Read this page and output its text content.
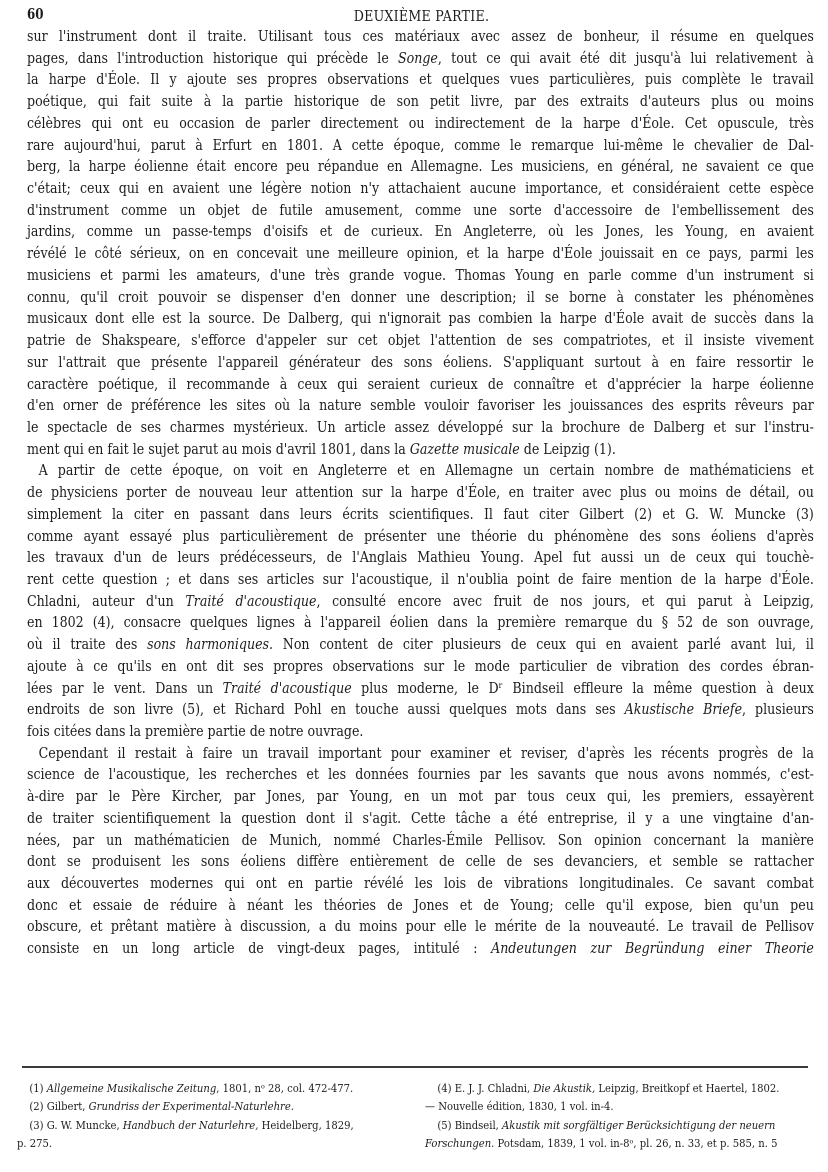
60	DEUXIÈME PARTIE.
sur l'instrument dont il traite. Utilisant tous ces matériaux avec assez de bonheur, il résume en quelques
pages, dans l'introduction historique qui précède le Songe, tout ce qui avait été dit jusqu'à lui relativement à
la harpe d'Éole. Il y ajoute ses propres observations et quelques vues particulières, puis complète le travail
poétique, qui fait suite à la partie historique de son petit livre, par des extraits d'auteurs plus ou moins
célèbres qui ont eu occasion de parler directement ou indirectement de la harpe d'Éole. Cet opuscule, très
rare aujourd'hui, parut à Erfurt en 1801. A cette époque, comme le remarque lui-même le chevalier de Dal-
berg, la harpe éolienne était encore peu répandue en Allemagne. Les musiciens, en général, ne savaient ce que
c'était; ceux qui en avaient une légère notion n'y attachaient aucune importance, et considéraient cette espèce
d'instrument comme un objet de futile amusement, comme une sorte d'accessoire de l'embellissement des
jardins, comme un passe-temps d'oisifs et de curieux. En Angleterre, où les Jones, les Young, en avaient
révélé le côté sérieux, on en concevait une meilleure opinion, et la harpe d'Éole jouissait en ce pays, parmi les
musiciens et parmi les amateurs, d'une très grande vogue. Thomas Young en parle comme d'un instrument si
connu, qu'il croit pouvoir se dispenser d'en donner une description; il se borne à constater les phénomènes
musicaux dont elle est la source. De Dalberg, qui n'ignorait pas combien la harpe d'Éole avait de succès dans la
patrie de Shakspeare, s'efforce d'appeler sur cet objet l'attention de ses compatriotes, et il insiste vivement
sur l'attrait que présente l'appareil générateur des sons éoliens. S'appliquant surtout à en faire ressortir le
caractère poétique, il recommande à ceux qui seraient curieux de connaître et d'apprécier la harpe éolienne
d'en orner de préférence les sites où la nature semble vouloir favoriser les jouissances des esprits rêveurs par
le spectacle de ses charmes mystérieux. Un article assez développé sur la brochure de Dalberg et sur l'instru-
ment qui en fait le sujet parut au mois d'avril 1801, dans la Gazette musicale de Leipzig (1).
A partir de cette époque, on voit en Angleterre et en Allemagne un certain nombre de mathématiciens et
de physiciens porter de nouveau leur attention sur la harpe d'Éole, en traiter avec plus ou moins de détail, ou
simplement la citer en passant dans leurs écrits scientifiques. Il faut citer Gilbert (2) et G. W. Muncke (3)
comme ayant essayé plus particulièrement de présenter une théorie du phénomène des sons éoliens d'après
les travaux d'un de leurs prédécesseurs, de l'Anglais Mathieu Young. Apel fut aussi un de ceux qui touchè-
rent cette question ; et dans ses articles sur l'acoustique, il n'oublia point de faire mention de la harpe d'Éole.
Chladni, auteur d'un Traité d'acoustique, consulté encore avec fruit de nos jours, et qui parut à Leipzig,
en 1802 (4), consacre quelques lignes à l'appareil éolien dans la première remarque du § 52 de son ouvrage,
où il traite des sons harmoniques. Non content de citer plusieurs de ceux qui en avaient parlé avant lui, il
ajoute à ce qu'ils en ont dit ses propres observations sur le mode particulier de vibration des cordes ébran-
lées par le vent. Dans un Traité d'acoustique plus moderne, le Dʳ Bindseil effleure la même question à deux
endroits de son livre (5), et Richard Pohl en touche aussi quelques mots dans ses Akustische Briefe, plusieurs
fois citées dans la première partie de notre ouvrage.
Cependant il restait à faire un travail important pour examiner et reviser, d'après les récents progrès de la
science de l'acoustique, les recherches et les données fournies par les savants que nous avons nommés, c'est-
à-dire par le Père Kircher, par Jones, par Young, en un mot par tous ceux qui, les premiers, essayèrent
de traiter scientifiquement la question dont il s'agit. Cette tâche a été entreprise, il y a une vingtaine d'an-
nées, par un mathématicien de Munich, nommé Charles-Émile Pellisov. Son opinion concernant la manière
dont se produisent les sons éoliens diffère entièrement de celle de ses devanciers, et semble se rattacher
aux découvertes modernes qui ont en partie révélé les lois de vibrations longitudinales. Ce savant combat
donc et essaie de réduire à néant les théories de Jones et de Young; celle qu'il expose, bien qu'un peu
obscure, et prêtant matière à discussion, a du moins pour elle le mérite de la nouveauté. Le travail de Pellisov
consiste en un long article de vingt-deux pages, intitulé : Andeutungen zur Begründung einer Theorie
(1) Allgemeine Musikalische Zeitung, 1801, nᵒ 28, col. 472-477.
(2) Gilbert, Grundriss der Experimental-Naturlehre.
(3) G. W. Muncke, Handbuch der Naturlehre, Heidelberg, 1829,
p. 275.
(4) E. J. J. Chladni, Die Akustik, Leipzig, Breitkopf et Haertel, 1802.
— Nouvelle édition, 1830, 1 vol. in-4.
(5) Bindseil, Akustik mit sorgfältiger Berücksichtigung der neuern
Forschungen. Potsdam, 1839, 1 vol. in-8ᵒ, pl. 26, n. 33, et p. 585, n. 5
